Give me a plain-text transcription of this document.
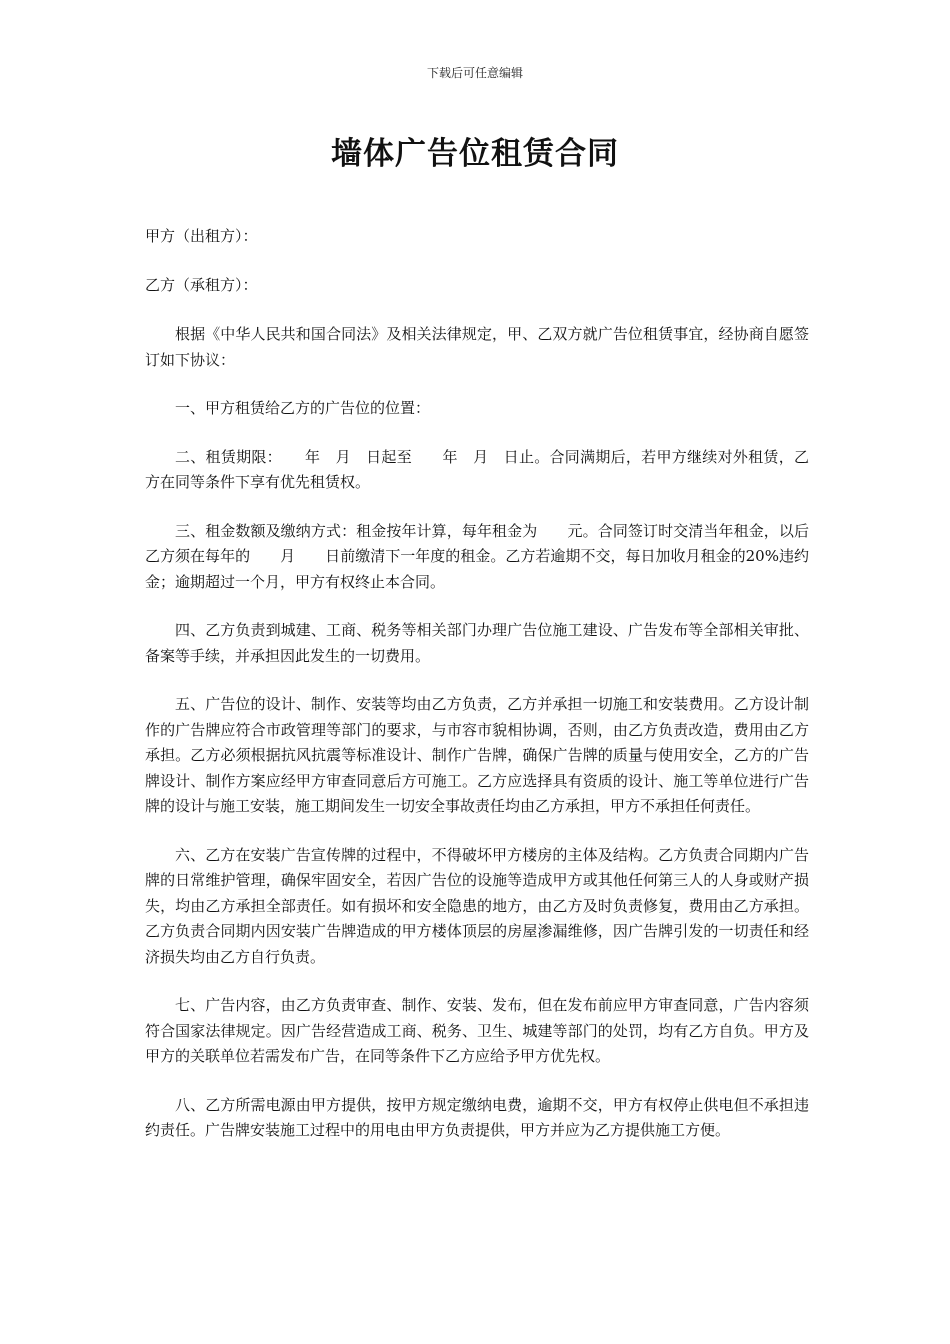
下载后可任意编辑
墙体广告位租赁合同

甲方（出租方）：

乙方（承租方）：

根据《中华人民共和国合同法》及相关法律规定，甲、乙双方就广告位租赁事宜，经协商自愿签订如下协议：

一、甲方租赁给乙方的广告位的位置：

二、租赁期限：　　年　月　日起至　　年　月　日止。合同满期后，若甲方继续对外租赁，乙方在同等条件下享有优先租赁权。

三、租金数额及缴纳方式：租金按年计算，每年租金为　　元。合同签订时交清当年租金，以后乙方须在每年的　　月　　日前缴清下一年度的租金。乙方若逾期不交，每日加收月租金的20%违约金；逾期超过一个月，甲方有权终止本合同。

四、乙方负责到城建、工商、税务等相关部门办理广告位施工建设、广告发布等全部相关审批、备案等手续，并承担因此发生的一切费用。

五、广告位的设计、制作、安装等均由乙方负责，乙方并承担一切施工和安装费用。乙方设计制作的广告牌应符合市政管理等部门的要求，与市容市貌相协调，否则，由乙方负责改造，费用由乙方承担。乙方必须根据抗风抗震等标准设计、制作广告牌，确保广告牌的质量与使用安全，乙方的广告牌设计、制作方案应经甲方审查同意后方可施工。乙方应选择具有资质的设计、施工等单位进行广告牌的设计与施工安装，施工期间发生一切安全事故责任均由乙方承担，甲方不承担任何责任。

六、乙方在安装广告宣传牌的过程中，不得破坏甲方楼房的主体及结构。乙方负责合同期内广告牌的日常维护管理，确保牢固安全，若因广告位的设施等造成甲方或其他任何第三人的人身或财产损失，均由乙方承担全部责任。如有损坏和安全隐患的地方，由乙方及时负责修复，费用由乙方承担。乙方负责合同期内因安装广告牌造成的甲方楼体顶层的房屋渗漏维修，因广告牌引发的一切责任和经济损失均由乙方自行负责。

七、广告内容，由乙方负责审查、制作、安装、发布，但在发布前应甲方审查同意，广告内容须符合国家法律规定。因广告经营造成工商、税务、卫生、城建等部门的处罚，均有乙方自负。甲方及甲方的关联单位若需发布广告，在同等条件下乙方应给予甲方优先权。

八、乙方所需电源由甲方提供，按甲方规定缴纳电费，逾期不交，甲方有权停止供电但不承担违约责任。广告牌安装施工过程中的用电由甲方负责提供，甲方并应为乙方提供施工方便。
